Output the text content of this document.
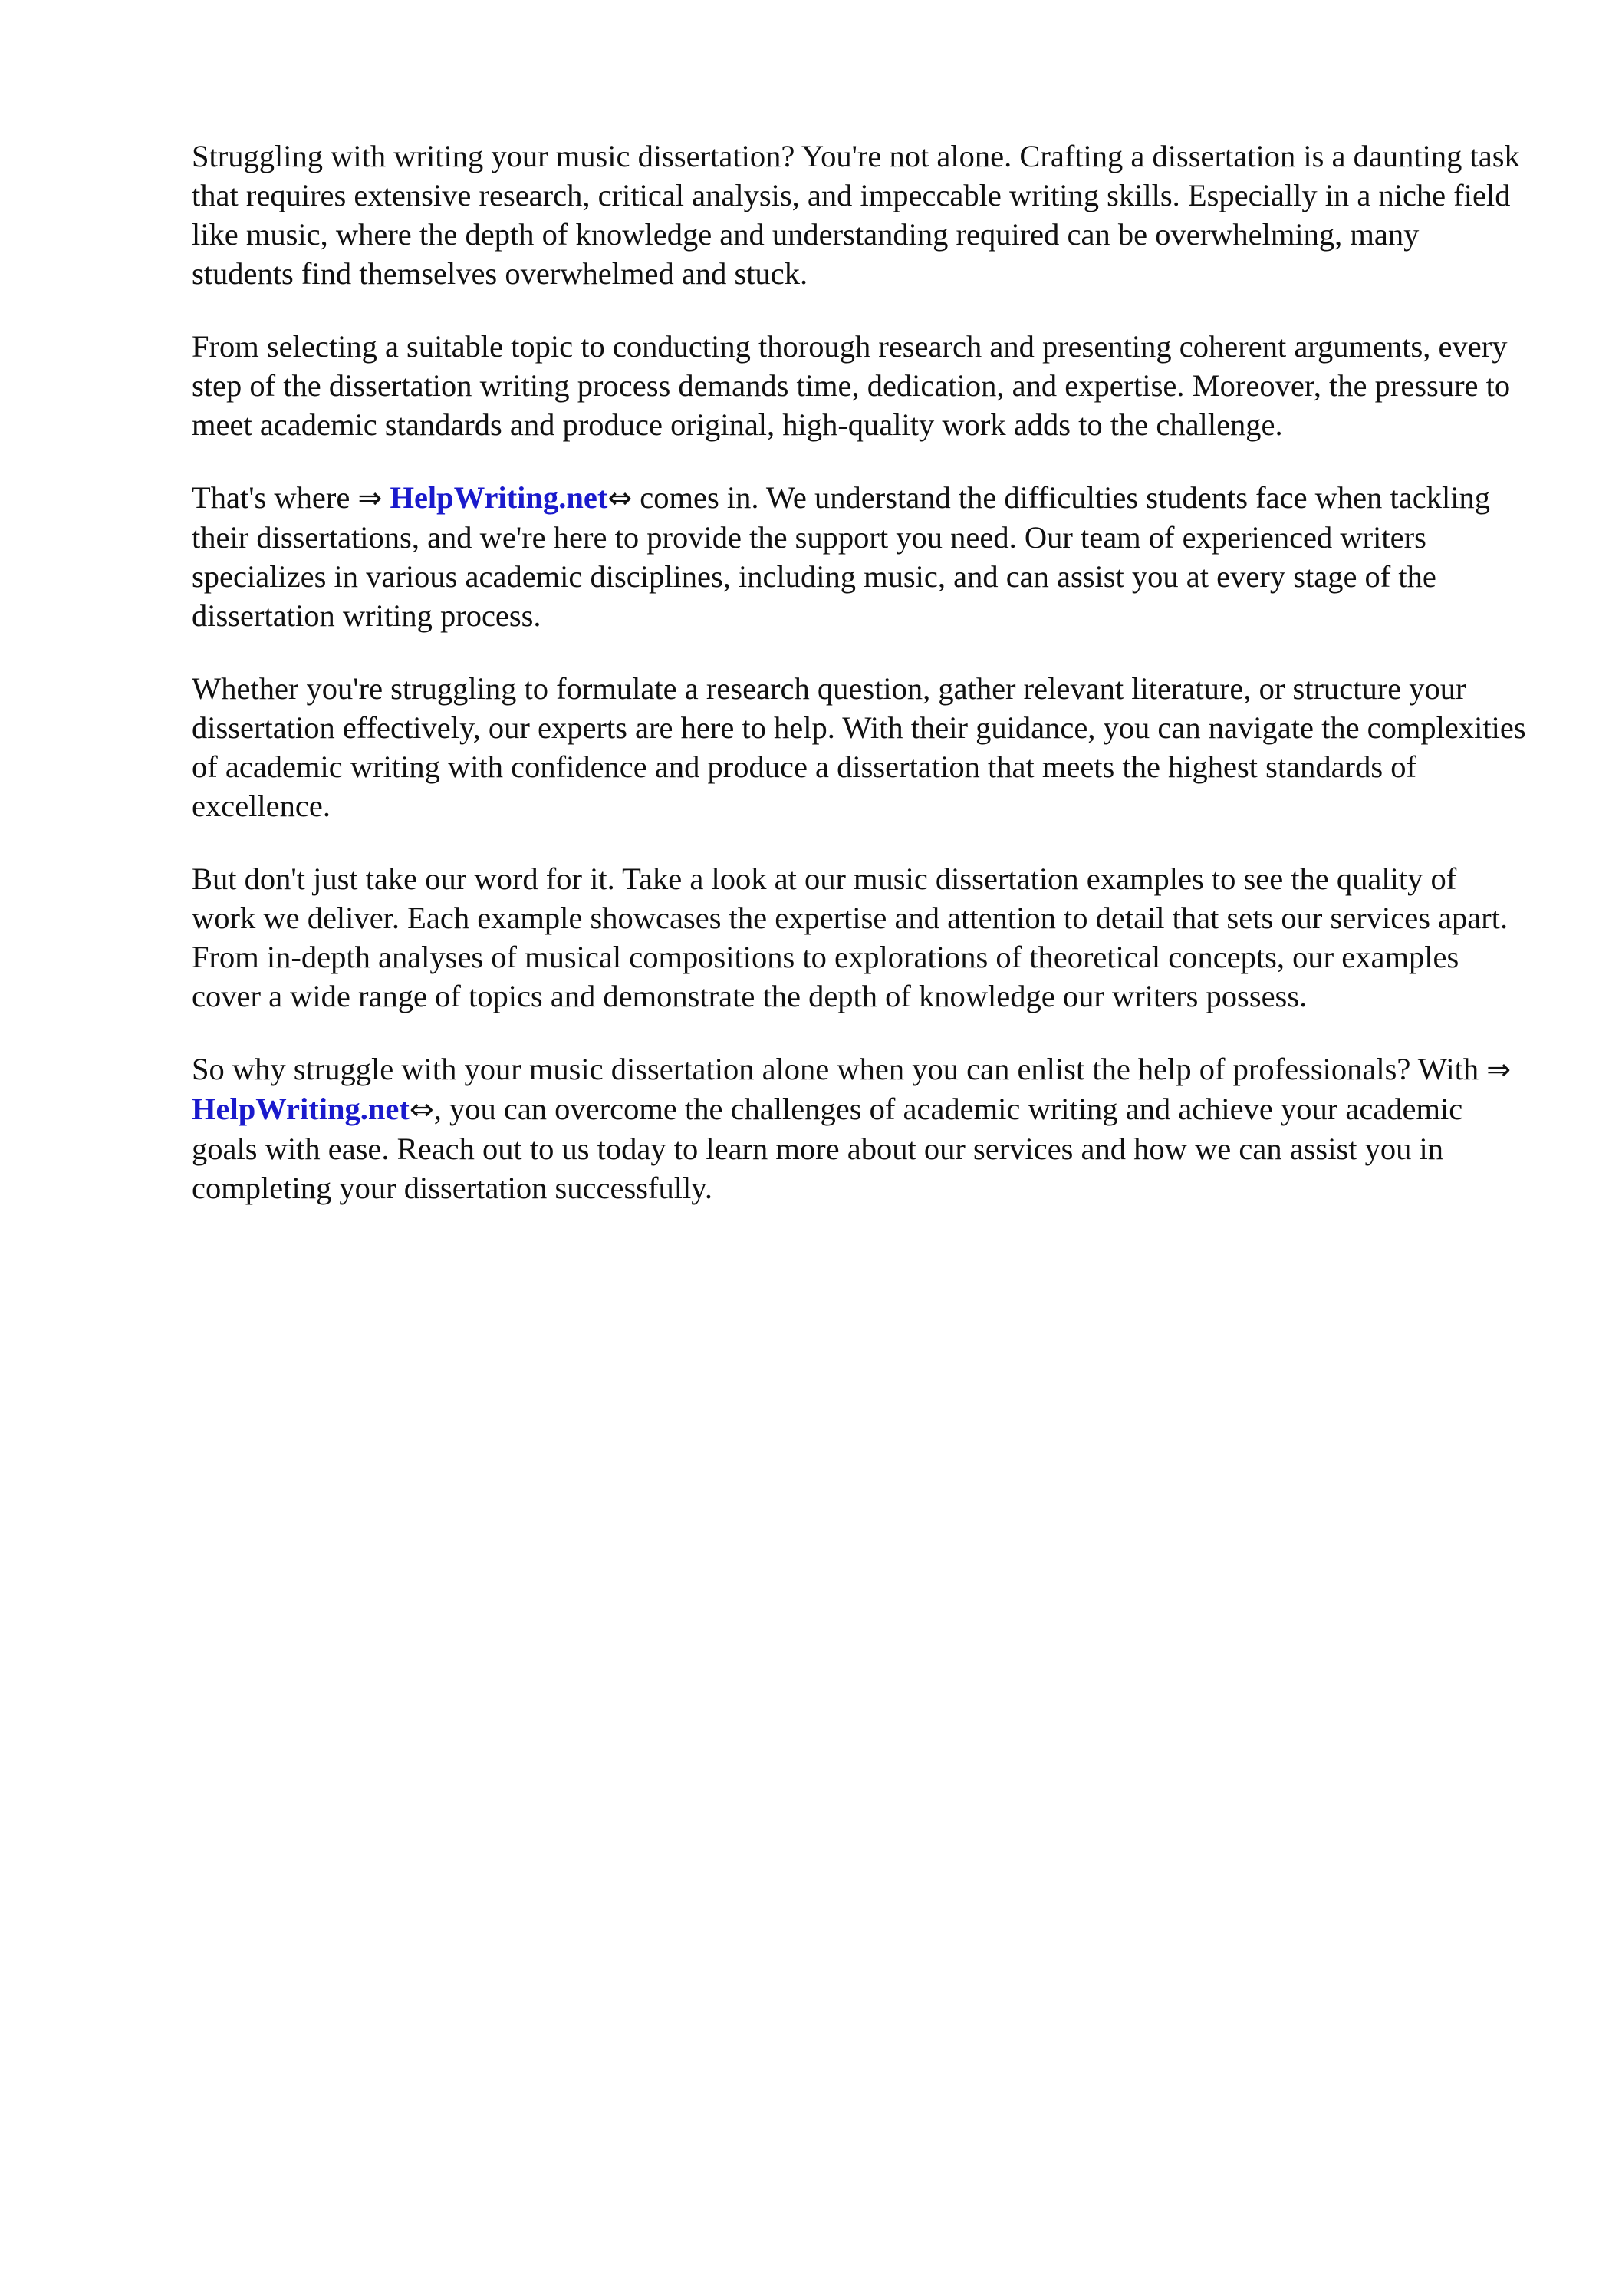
Struggling with writing your music dissertation? You're not alone. Crafting a dissertation is a daunting task that requires extensive research, critical analysis, and impeccable writing skills. Especially in a niche field like music, where the depth of knowledge and understanding required can be overwhelming, many students find themselves overwhelmed and stuck.

From selecting a suitable topic to conducting thorough research and presenting coherent arguments, every step of the dissertation writing process demands time, dedication, and expertise. Moreover, the pressure to meet academic standards and produce original, high-quality work adds to the challenge.

That's where ⇒ HelpWriting.net⇔ comes in. We understand the difficulties students face when tackling their dissertations, and we're here to provide the support you need. Our team of experienced writers specializes in various academic disciplines, including music, and can assist you at every stage of the dissertation writing process.

Whether you're struggling to formulate a research question, gather relevant literature, or structure your dissertation effectively, our experts are here to help. With their guidance, you can navigate the complexities of academic writing with confidence and produce a dissertation that meets the highest standards of excellence.

But don't just take our word for it. Take a look at our music dissertation examples to see the quality of work we deliver. Each example showcases the expertise and attention to detail that sets our services apart. From in-depth analyses of musical compositions to explorations of theoretical concepts, our examples cover a wide range of topics and demonstrate the depth of knowledge our writers possess.

So why struggle with your music dissertation alone when you can enlist the help of professionals? With ⇒ HelpWriting.net⇔, you can overcome the challenges of academic writing and achieve your academic goals with ease. Reach out to us today to learn more about our services and how we can assist you in completing your dissertation successfully.
